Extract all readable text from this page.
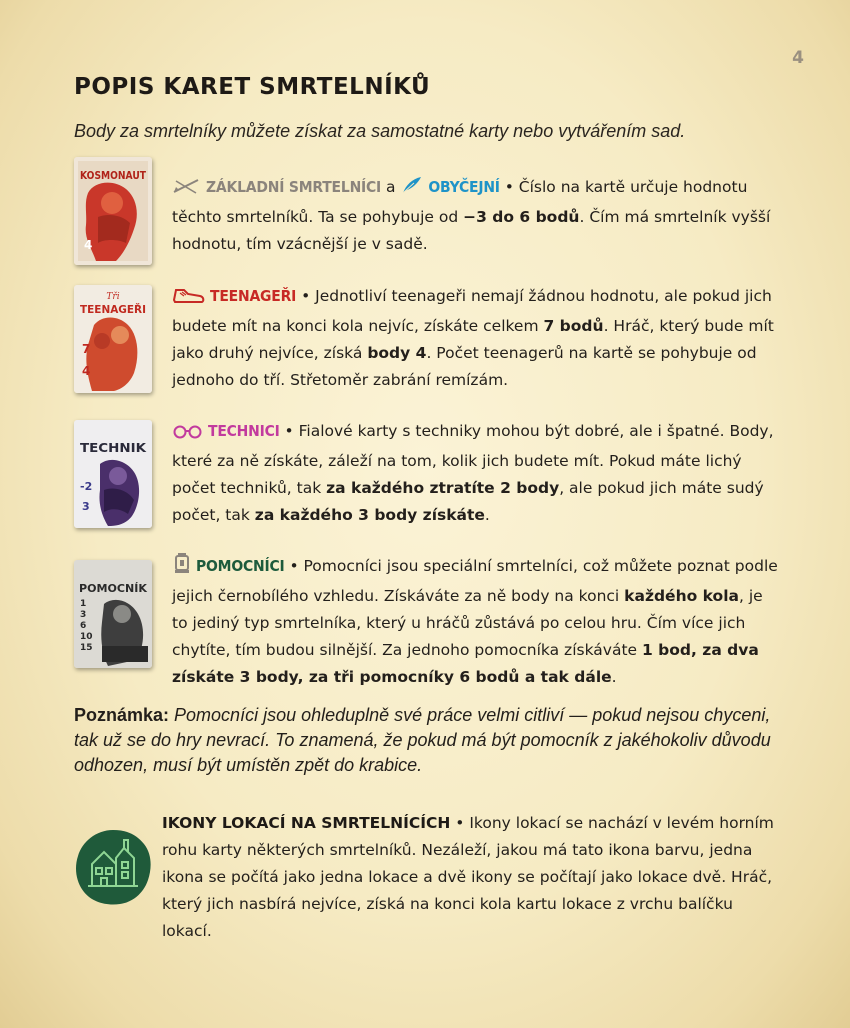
4
POPIS KARET SMRTELNÍKŮ
Body za smrtelníky můžete získat za samostatné karty nebo vytvářením sad.
KOSMONAUT
4
ZÁKLADNÍ SMRTELNÍCI a OBYČEJNÍ • Číslo na kartě určuje hodnotu těchto smrtelníků. Ta se pohybuje od −3 do 6 bodů. Čím má smrtelník vyšší hodnotu, tím vzácnější je v sadě.
Tři
TEENAGEŘI
7
4
TEENAGEŘI • Jednotliví teenageři nemají žádnou hodnotu, ale pokud jich budete mít na konci kola nejvíc, získáte celkem 7 bodů. Hráč, který bude mít jako druhý nejvíce, získá body 4. Počet teenagerů na kartě se pohybuje od jednoho do tří. Střetoměr zabrání remízám.
TECHNIK
-2
3
TECHNICI • Fialové karty s techniky mohou být dobré, ale i špatné. Body, které za ně získáte, záleží na tom, kolik jich budete mít. Pokud máte lichý počet techniků, tak za každého ztratíte 2 body, ale pokud jich máte sudý počet, tak za každého 3 body získáte.
POMOCNÍK
1
3
6
10
15
POMOCNÍCI • Pomocníci jsou speciální smrtelníci, což můžete poznat podle jejich černobílého vzhledu. Získáváte za ně body na konci každého kola, je to jediný typ smrtelníka, který u hráčů zůstává po celou hru. Čím více jich chytíte, tím budou silnější. Za jednoho pomocníka získáváte 1 bod, za dva získáte 3 body, za tři pomocníky 6 bodů a tak dále.
Poznámka: Pomocníci jsou ohleduplně své práce velmi citliví — pokud nejsou chyceni, tak už se do hry nevrací. To znamená, že pokud má být pomocník z jakéhokoliv důvodu odhozen, musí být umístěn zpět do krabice.
IKONY LOKACÍ NA SMRTELNÍCÍCH • Ikony lokací se nachází v levém horním rohu karty některých smrtelníků. Nezáleží, jakou má tato ikona barvu, jedna ikona se počítá jako jedna lokace a dvě ikony se počítají jako lokace dvě. Hráč, který jich nasbírá nejvíce, získá na konci kola kartu lokace z vrchu balíčku lokací.
